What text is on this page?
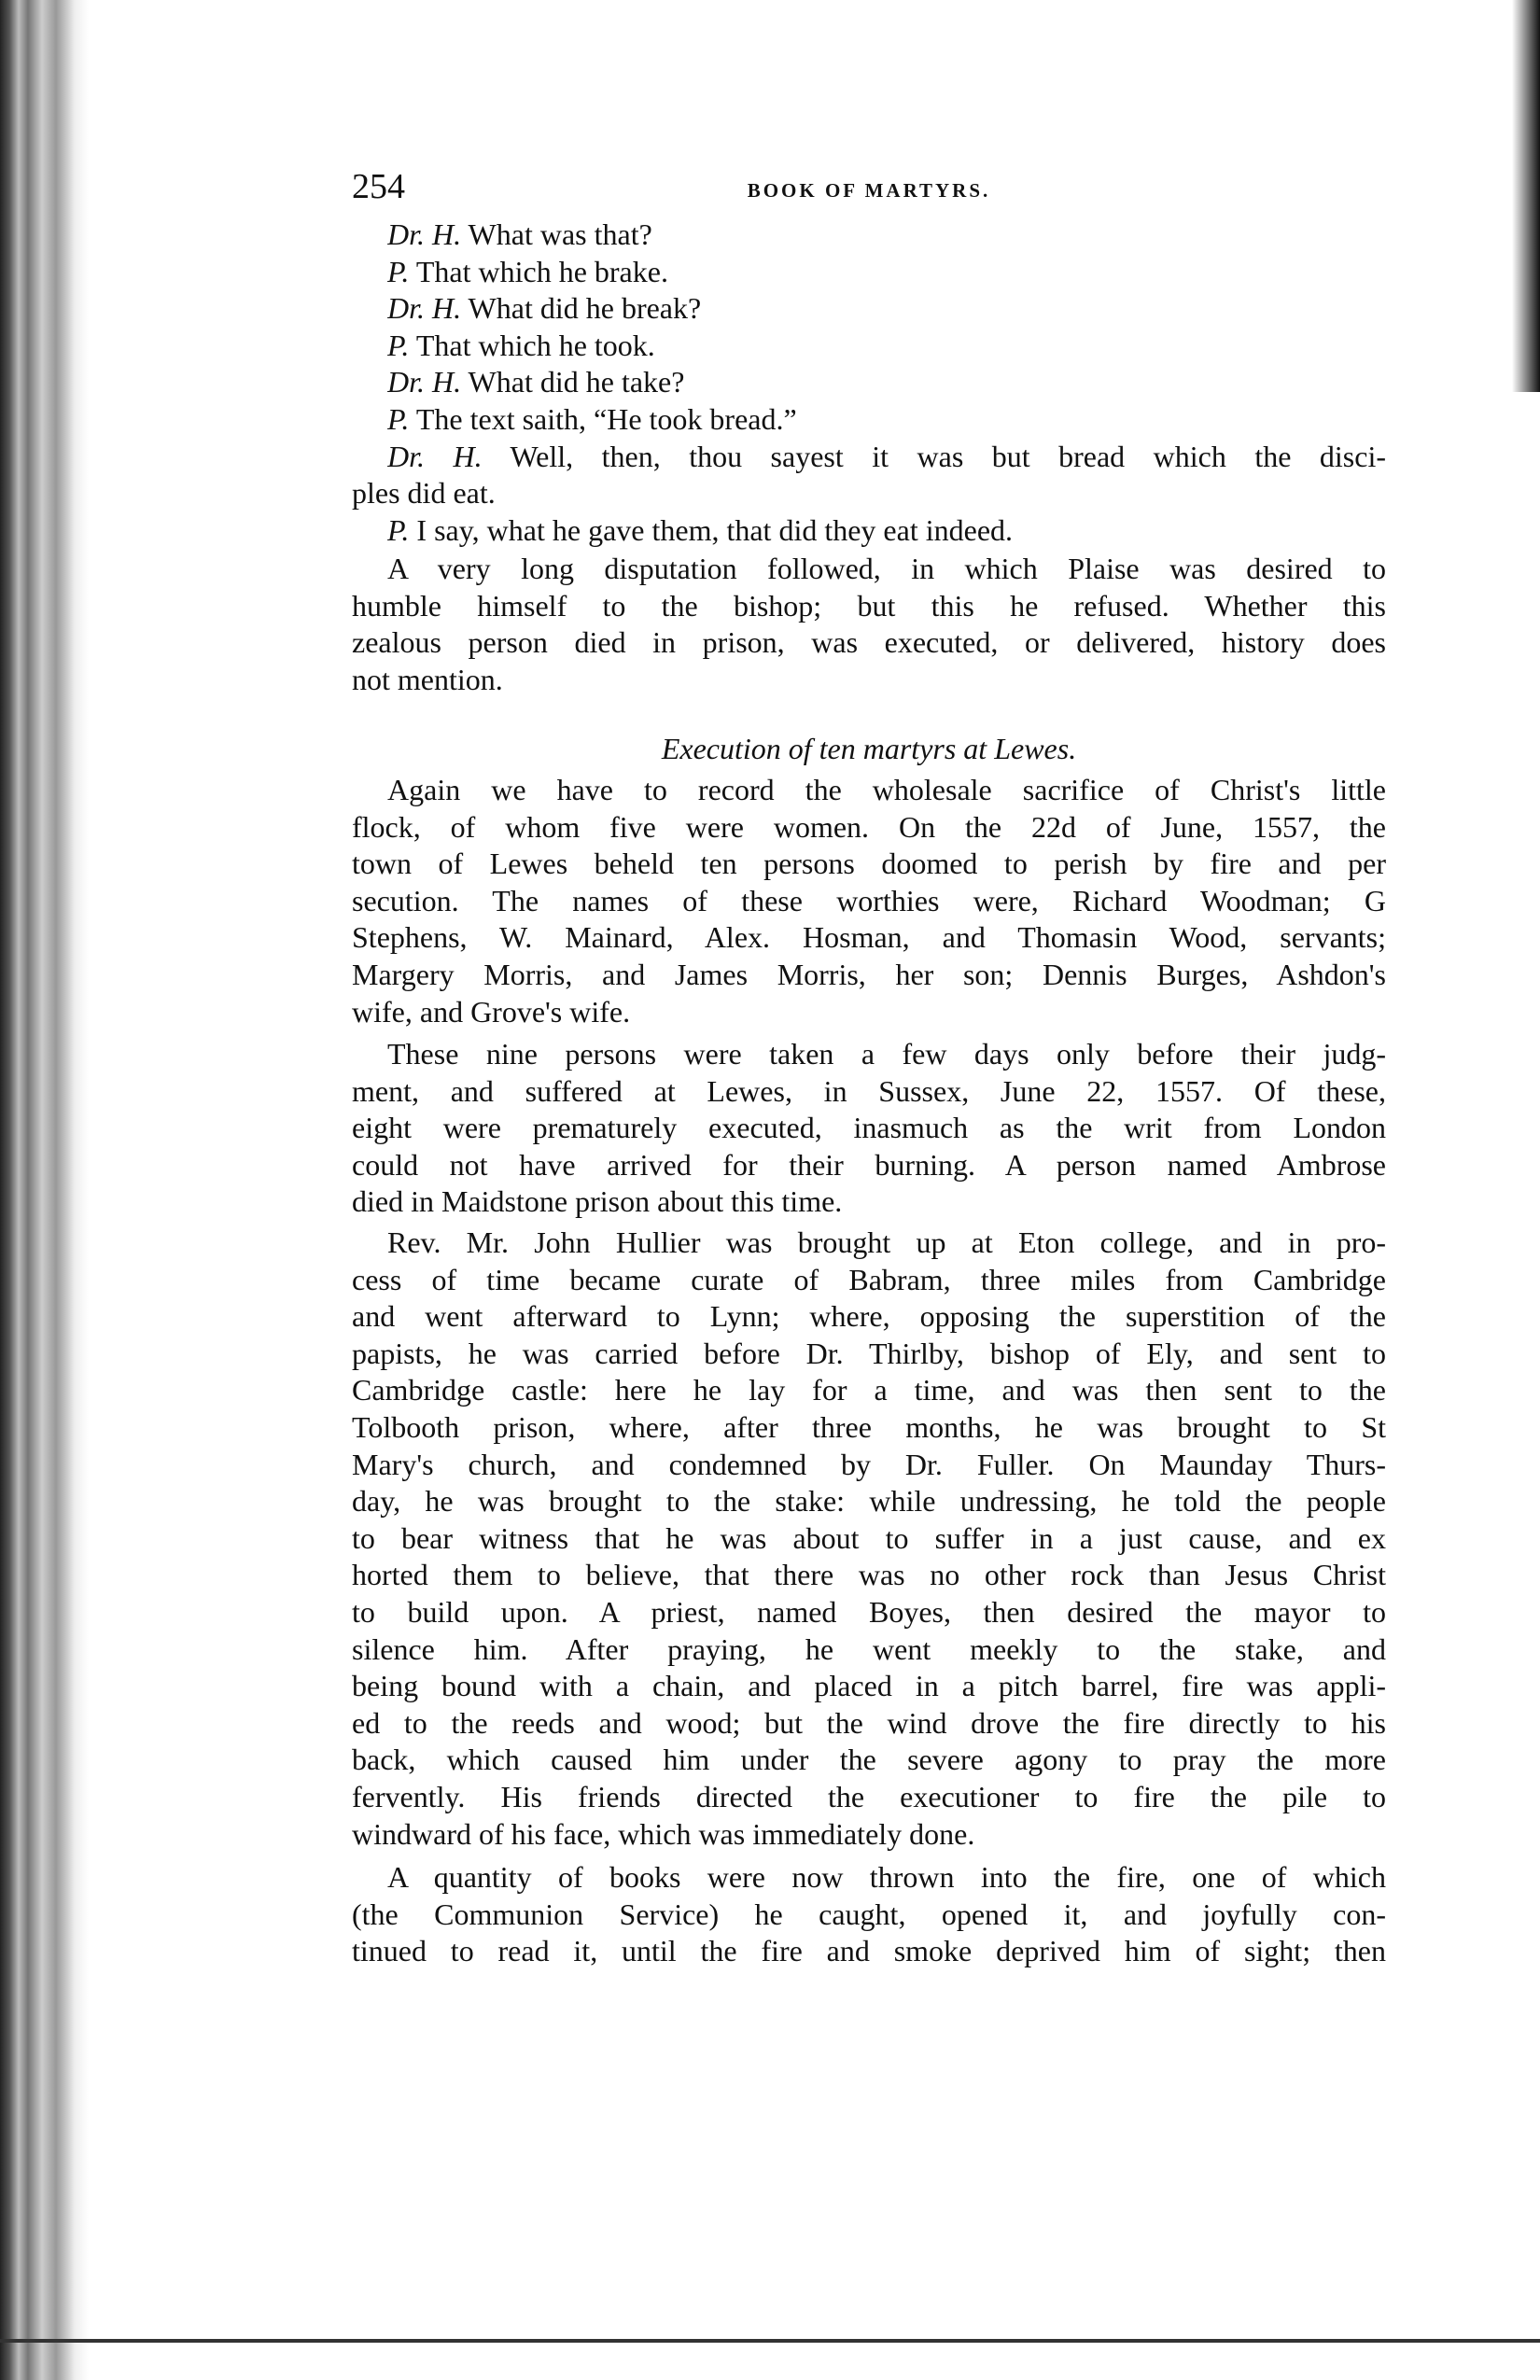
254	BOOK OF MARTYRS.
Dr. H. What was that?
P. That which he brake.
Dr. H. What did he break?
P. That which he took.
Dr. H. What did he take?
P. The text saith, “He took bread.”
Dr. H. Well, then, thou sayest it was but bread which the disci-
ples did eat.
P. I say, what he gave them, that did they eat indeed.
A very long disputation followed, in which Plaise was desired to
humble himself to the bishop; but this he refused. Whether this
zealous person died in prison, was executed, or delivered, history does
not mention.
Execution of ten martyrs at Lewes.
Again we have to record the wholesale sacrifice of Christ's little
flock, of whom five were women. On the 22d of June, 1557, the
town of Lewes beheld ten persons doomed to perish by fire and per
secution. The names of these worthies were, Richard Woodman; G
Stephens, W. Mainard, Alex. Hosman, and Thomasin Wood, servants;
Margery Morris, and James Morris, her son; Dennis Burges, Ashdon's
wife, and Grove's wife.
These nine persons were taken a few days only before their judg-
ment, and suffered at Lewes, in Sussex, June 22, 1557. Of these,
eight were prematurely executed, inasmuch as the writ from London
could not have arrived for their burning. A person named Ambrose
died in Maidstone prison about this time.
Rev. Mr. John Hullier was brought up at Eton college, and in pro-
cess of time became curate of Babram, three miles from Cambridge
and went afterward to Lynn; where, opposing the superstition of the
papists, he was carried before Dr. Thirlby, bishop of Ely, and sent to
Cambridge castle: here he lay for a time, and was then sent to the
Tolbooth prison, where, after three months, he was brought to St
Mary's church, and condemned by Dr. Fuller. On Maunday Thurs-
day, he was brought to the stake: while undressing, he told the people
to bear witness that he was about to suffer in a just cause, and ex
horted them to believe, that there was no other rock than Jesus Christ
to build upon. A priest, named Boyes, then desired the mayor to
silence him. After praying, he went meekly to the stake, and
being bound with a chain, and placed in a pitch barrel, fire was appli-
ed to the reeds and wood; but the wind drove the fire directly to his
back, which caused him under the severe agony to pray the more
fervently. His friends directed the executioner to fire the pile to
windward of his face, which was immediately done.
A quantity of books were now thrown into the fire, one of which
(the Communion Service) he caught, opened it, and joyfully con-
tinued to read it, until the fire and smoke deprived him of sight; then
